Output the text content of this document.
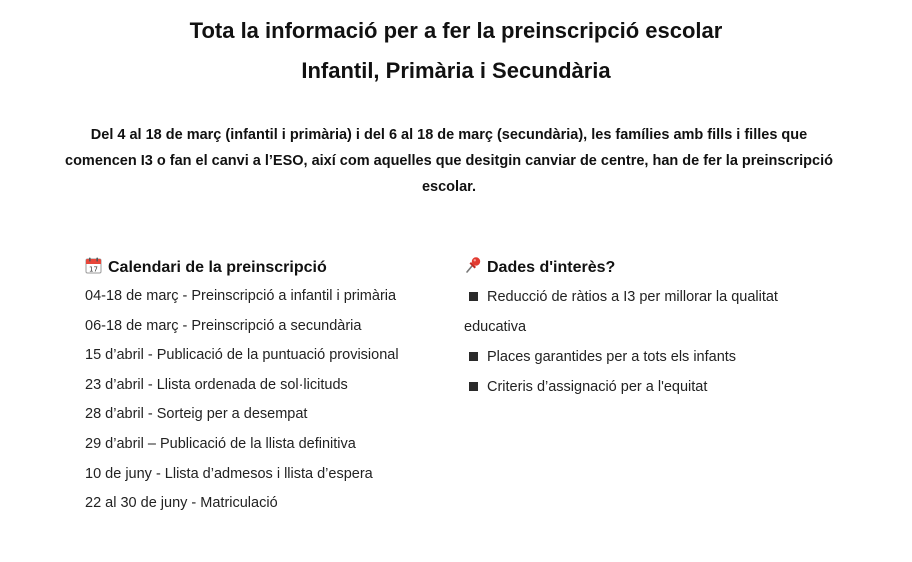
Tota la informació per a fer la preinscripció escolar
Infantil, Primària i Secundària

Del 4 al 18 de març (infantil i primària) i del 6 al 18 de març (secundària), les famílies amb fills i filles que comencen I3 o fan el canvi a l’ESO, així com aquelles que desitgin canviar de centre, han de fer la preinscripció escolar.

17 Calendari de la preinscripció
04-18 de març - Preinscripció a infantil i primària
06-18 de març - Preinscripció a secundària
15 d’abril - Publicació de la puntuació provisional
23 d’abril - Llista ordenada de sol·licituds
28 d’abril - Sorteig per a desempat
29 d’abril – Publicació de la llista definitiva
10 de juny - Llista d’admesos i llista d’espera
22 al 30 de juny - Matriculació
Dades d'interès?
Reducció de ràtios a I3 per millorar la qualitat educativa
Places garantides per a tots els infants
Criteris d’assignació per a l'equitat
